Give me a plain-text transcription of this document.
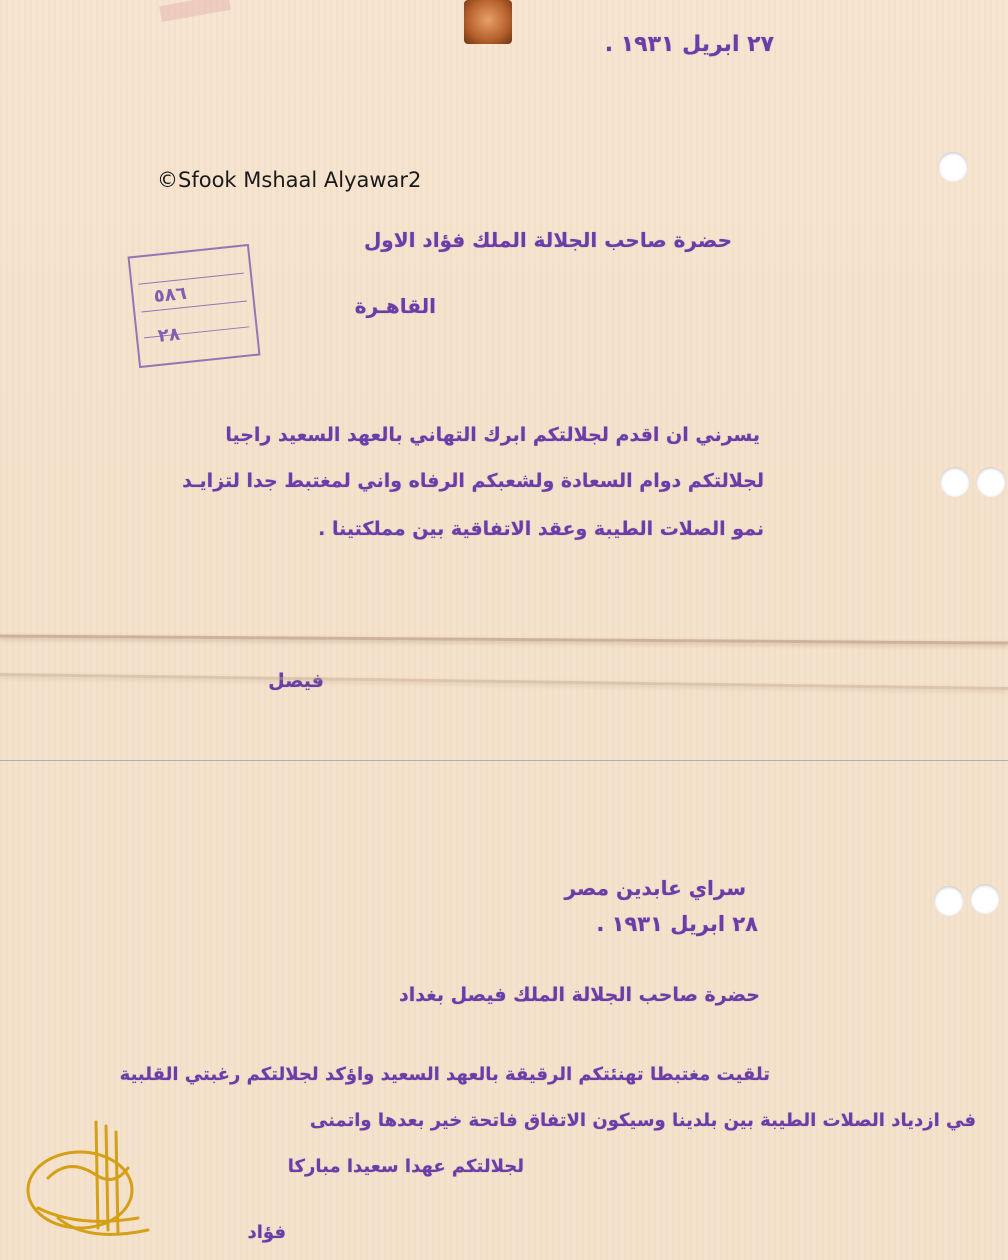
©Sfook Mshaal Alyawar2
٢٧ ابريل ١٩٣١ .
حضرة صاحب الجلالة الملك فؤاد الاول
القاهـرة
يسرني ان اقدم لجلالتكم ابرك التهاني بالعهد السعيد راجيا
لجلالتكم دوام السعادة ولشعبكم الرفاه واني لمغتبط جدا لتزايـد
نمو الصلات الطيبة وعقد الاتفاقية بين مملكتينا .
فيصل
٥٨٦
٢٨
سراي عابدين مصر
٢٨ ابريل ١٩٣١ .
حضرة صاحب الجلالة الملك فيصل بغداد
تلقيت مغتبطا تهنئتكم الرقيقة بالعهد السعيد واؤكد لجلالتكم رغبتي القلبية
في ازدياد الصلات الطيبة بين بلدينا وسيكون الاتفاق فاتحة خير بعدها واتمنى
لجلالتكم عهدا سعيدا مباركا
فؤاد
